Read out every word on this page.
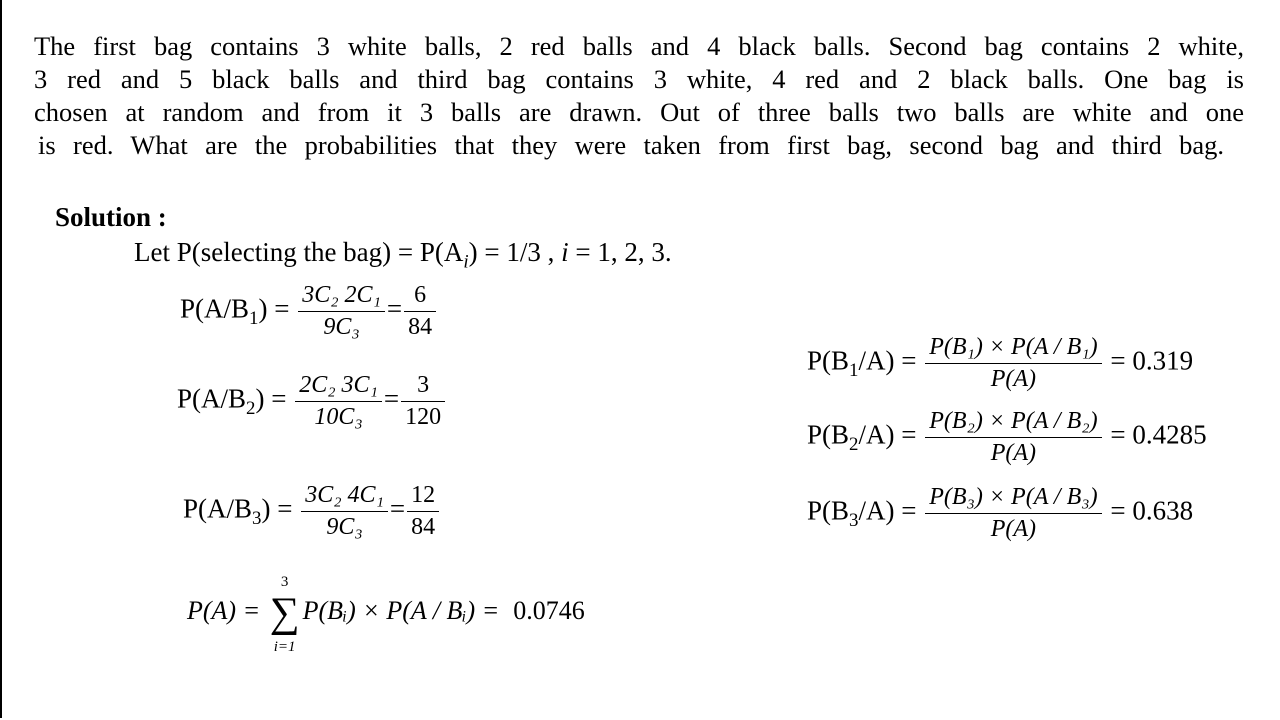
The first bag contains 3 white balls, 2 red balls and 4 black balls. Second bag contains 2 white,
3 red and 5 black balls and third bag contains 3 white, 4 red and 2 black balls. One bag is
chosen at random and from it 3 balls are drawn. Out of three balls two balls are white and one
is red. What are the probabilities that they were taken from first bag, second bag and third bag.
Solution :
Let P(selecting the $bag) = P(A_i) = 1/3$ , i = 1, 2, 3.
$P(A/B_1) = \frac{\text{3C₂ 2C₁}}{\text{9C₃}} = \frac{6}{84}$
$P(A/B_2) = \frac{\text{2C₂ 3C₁}}{\text{10C₃}} = \frac{3}{120}$
$P(A/B_3) = \frac{\text{3C₂ 4C₁}}{\text{9C₃}} = \frac{12}{84}$
$P(B_1/A) = \frac{\text{P(B₁) × P(A / B₁)}}{P(A)} = 0.319$
$P(B_2/A) = \frac{\text{P(B₂) × P(A / B₂)}}{P(A)} = 0.4285$
$P(B_3/A) = \frac{\text{P(B₃) × P(A / B₃)}}{P(A)} = 0.638$
P(A) =
3
∑
i=1
P(Bᵢ) × P(A / Bᵢ) = 0.0746
